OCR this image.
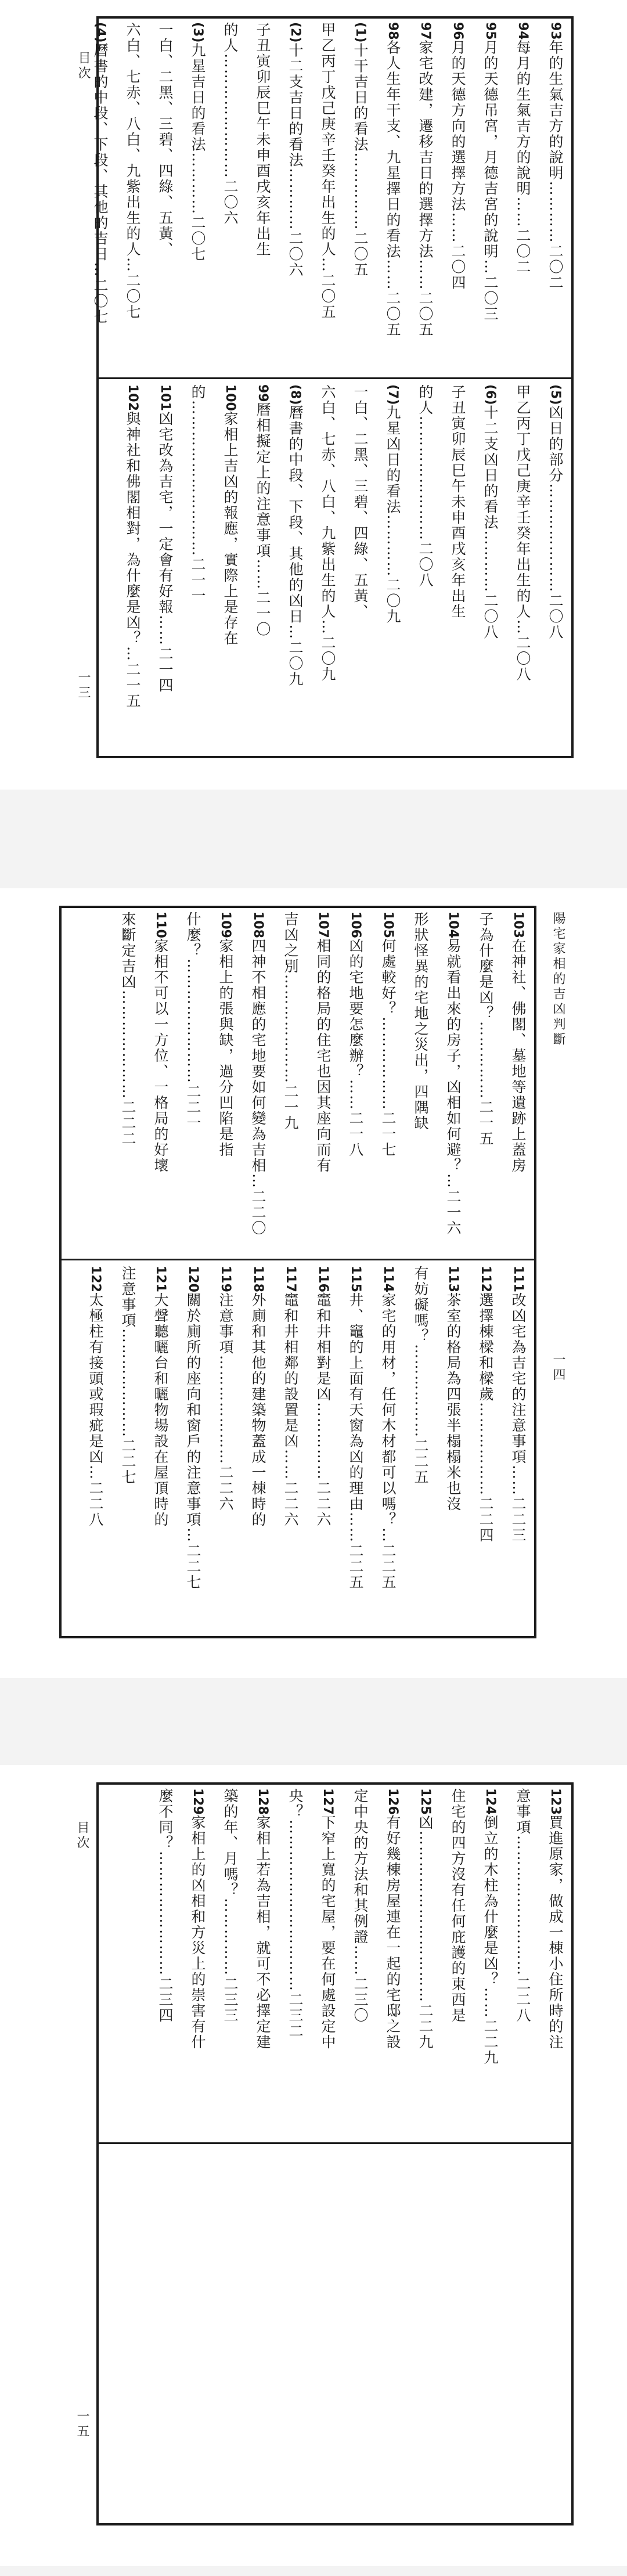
目次
一三
93年的生氣吉方的說明…………二〇二
94每月的生氣吉方的說明……二〇二
95月的天德吊宮，月德吉宮的說明…二〇三
96月的天德方向的選擇方法……二〇四
97家宅改建，遷移吉日的選擇方法……二〇五
98各人生年干支、九星擇日的看法……二〇五
(1)十干吉日的看法……………二〇五
甲乙丙丁戊己庚辛壬癸年出生的人…二〇五
(2)十二支吉日的看法…………二〇六
子丑寅卯辰巳午未申酉戌亥年出生
的人……………………二〇六
(3)九星吉日的看法…………二〇七
一白、二黑、三碧、四綠、五黃、
六白、七赤、八白、九紫出生的人…二〇七
(4)曆書的中段、下段、其他的吉日…二〇七
(5)凶日的部分…………………二〇八
甲乙丙丁戊己庚辛壬癸年出生的人…二〇八
(6)十二支凶日的看法…………二〇八
子丑寅卯辰巳午未申酉戌亥年出生
的人……………………二〇八
(7)九星凶日的看法…………二〇九
一白、二黑、三碧、四綠、五黃、
六白、七赤、八白、九紫出生的人…二〇九
(8)曆書的中段、下段、其他的凶日…二〇九
99曆相擬定上的注意事項……二一〇
100家相上吉凶的報應，實際上是存在
的…………………………二一一
101凶宅改為吉宅，一定會有好報……二一四
102與神社和佛閣相對，為什麼是凶？…二一五
陽宅家相的吉凶判斷
一四
103在神社、佛閣、墓地等遺跡上蓋房
子為什麼是凶？……………二一五
104易就看出來的房子，凶相如何避？…二一六
形狀怪異的宅地之災出，四隅缺
105何處較好？………………二一七
106凶的宅地要怎麼辦？……二一八
107相同的格局的住宅也因其座向而有
吉凶之別…………………二一九
108四神不相應的宅地要如何變為吉相…二二〇
109家相上的張與缺，過分凹陷是指
什麼？……………………二二一
110家相不可以一方位、一格局的好壞
來斷定吉凶…………………二二二
111改凶宅為吉宅的注意事項……二二三
112選擇棟樑和樑歲………………二二四
113茶室的格局為四張半榻榻米也沒
有妨礙嗎？………………二二五
114家宅的用材，任何木材都可以嗎？…二二五
115井、竈的上面有天窗為凶的理由……二二五
116竈和井相對是凶……………二二六
117竈和井相鄰的設置是凶……二二六
118外廁和其他的建築物蓋成一棟時的
119注意事項…………………二二六
120關於廁所的座向和窗戶的注意事項…二二七
121大聲聽曬台和曬物場設在屋頂時的
注意事項…………………二二七
122太極柱有接頭或瑕疵是凶…二二八
目次
一五
123買進原家，做成一棟小住所時的注
意事項………………………二二八
124倒立的木柱為什麼是凶？……二二九
住宅的四方沒有任何庇護的東西是
125凶……………………………二二九
126有好幾棟房屋連在一起的宅邸之設
定中央的方法和其例證……二三〇
127下窄上寬的宅屋，要在何處設定中
央？……………………………二三二
128家相上若為吉相，就可不必擇定建
築的年、月嗎？……………二三三
129家相上的凶相和方災上的崇害有什
麼不同？……………………二三四
